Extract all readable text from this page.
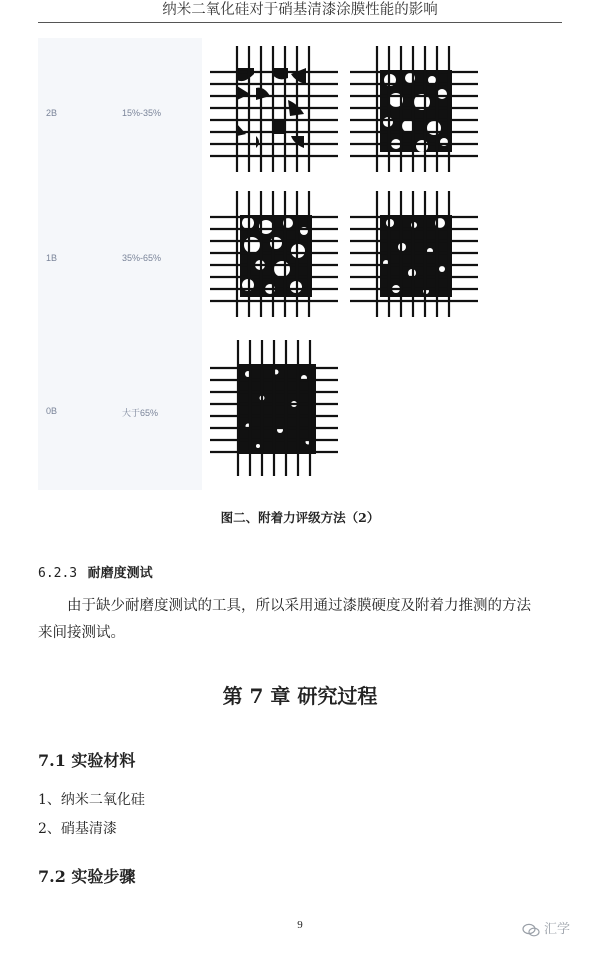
纳米二氧化硅对于硝基清漆涂膜性能的影响
2B	15%-35%
1B	35%-65%
0B	大于65%
图二、附着力评级方法（2）
6.2.3 耐磨度测试
由于缺少耐磨度测试的工具，所以采用通过漆膜硬度及附着力推测的方法
来间接测试。
第 7 章 研究过程
7.1 实验材料
1、纳米二氧化硅
2、硝基清漆
7.2 实验步骤
9	汇学
